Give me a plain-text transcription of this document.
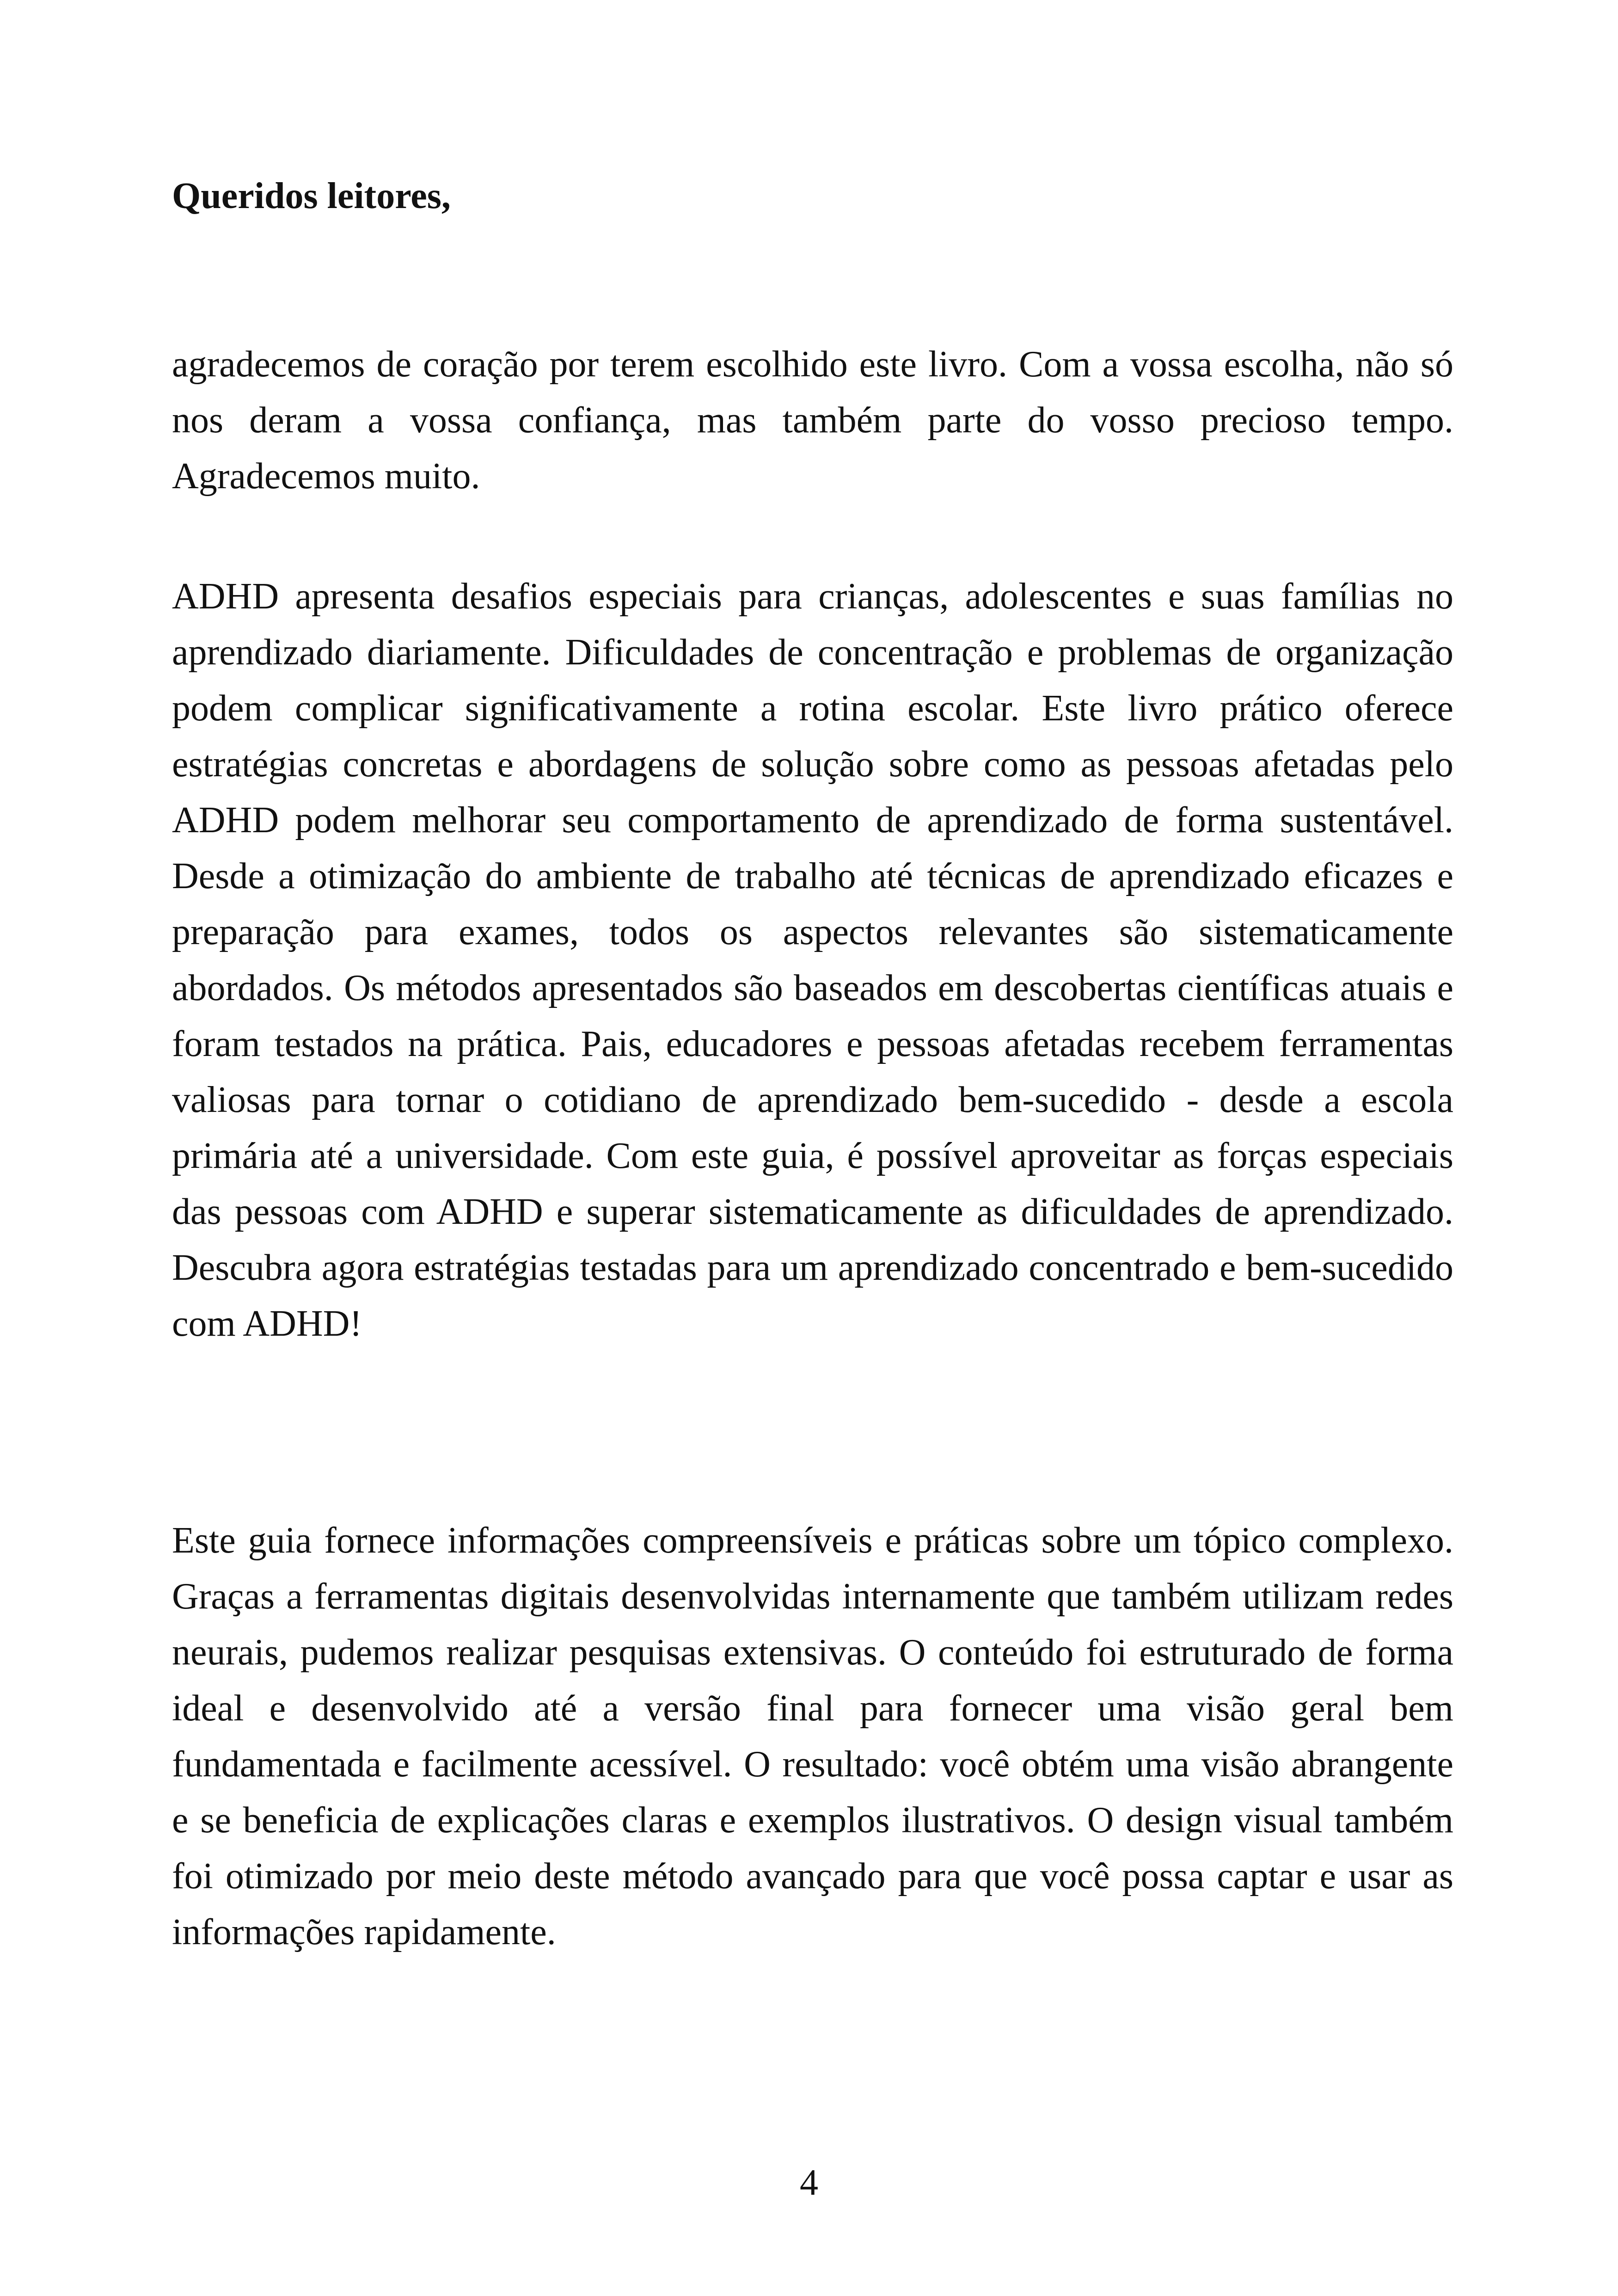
Queridos leitores,

agradecemos de coração por terem escolhido este livro. Com a vossa escolha, não só nos deram a vossa confiança, mas também parte do vosso precioso tempo. Agradecemos muito.

ADHD apresenta desafios especiais para crianças, adolescentes e suas famílias no aprendizado diariamente. Dificuldades de concentração e problemas de organização podem complicar significativamente a rotina escolar. Este livro prático oferece estratégias concretas e abordagens de solução sobre como as pessoas afetadas pelo ADHD podem melhorar seu comportamento de aprendizado de forma sustentável. Desde a otimização do ambiente de trabalho até técnicas de aprendizado eficazes e preparação para exames, todos os aspectos relevantes são sistematicamente abordados. Os métodos apresentados são baseados em descobertas científicas atuais e foram testados na prática. Pais, educadores e pessoas afetadas recebem ferramentas valiosas para tornar o cotidiano de aprendizado bem-sucedido - desde a escola primária até a universidade. Com este guia, é possível aproveitar as forças especiais das pessoas com ADHD e superar sistematicamente as dificuldades de aprendizado. Descubra agora estratégias testadas para um aprendizado concentrado e bem-sucedido com ADHD!

Este guia fornece informações compreensíveis e práticas sobre um tópico complexo. Graças a ferramentas digitais desenvolvidas internamente que também utilizam redes neurais, pudemos realizar pesquisas extensivas. O conteúdo foi estruturado de forma ideal e desenvolvido até a versão final para fornecer uma visão geral bem fundamentada e facilmente acessível. O resultado: você obtém uma visão abrangente e se beneficia de explicações claras e exemplos ilustrativos. O design visual também foi otimizado por meio deste método avançado para que você possa captar e usar as informações rapidamente.

4
